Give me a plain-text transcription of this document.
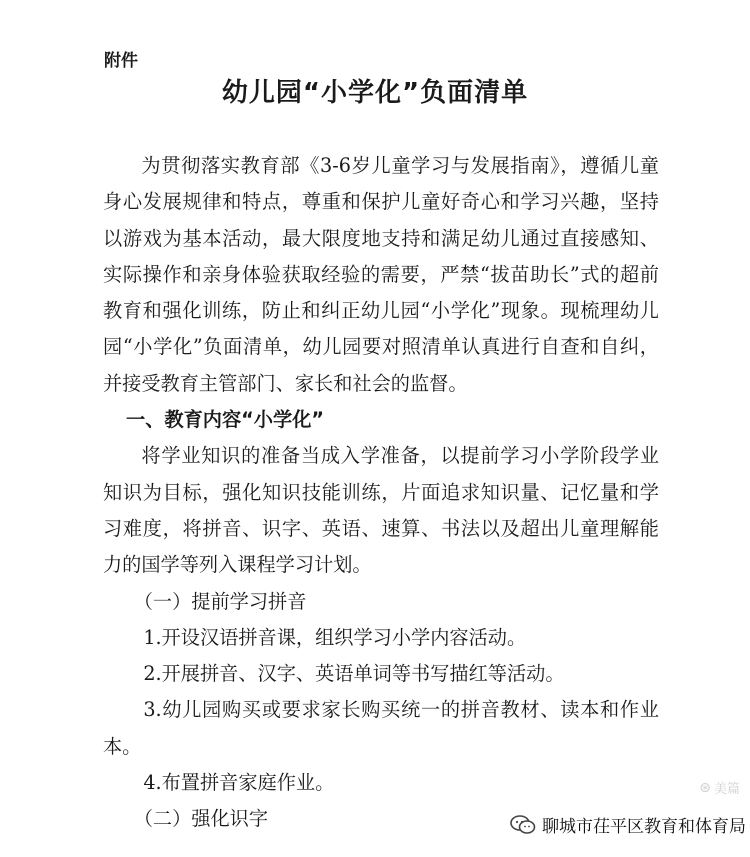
附件
幼儿园“小学化”负面清单

为贯彻落实教育部《3-6岁儿童学习与发展指南》，遵循儿童身心发展规律和特点，尊重和保护儿童好奇心和学习兴趣，坚持以游戏为基本活动，最大限度地支持和满足幼儿通过直接感知、实际操作和亲身体验获取经验的需要，严禁“拔苗助长”式的超前教育和强化训练，防止和纠正幼儿园“小学化”现象。现梳理幼儿园“小学化”负面清单，幼儿园要对照清单认真进行自查和自纠，并接受教育主管部门、家长和社会的监督。

一、教育内容“小学化”

将学业知识的准备当成入学准备，以提前学习小学阶段学业知识为目标，强化知识技能训练，片面追求知识量、记忆量和学习难度，将拼音、识字、英语、速算、书法以及超出儿童理解能力的国学等列入课程学习计划。

（一）提前学习拼音

1.开设汉语拼音课，组织学习小学内容活动。

2.开展拼音、汉字、英语单词等书写描红等活动。

3.幼儿园购买或要求家长购买统一的拼音教材、读本和作业本。

4.布置拼音家庭作业。

（二）强化识字

⊛ 美篇
聊城市茌平区教育和体育局
